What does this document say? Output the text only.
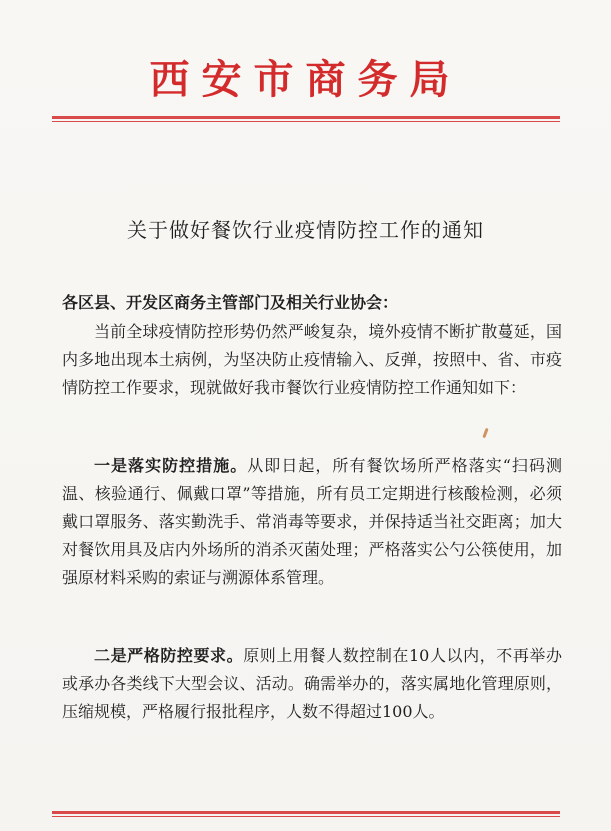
西安市商务局
关于做好餐饮行业疫情防控工作的通知
各区县、开发区商务主管部门及相关行业协会：
当前全球疫情防控形势仍然严峻复杂，境外疫情不断扩散蔓延，国内多地出现本土病例，为坚决防止疫情输入、反弹，按照中、省、市疫情防控工作要求，现就做好我市餐饮行业疫情防控工作通知如下：
一是落实防控措施。从即日起，所有餐饮场所严格落实“扫码测温、核验通行、佩戴口罩”等措施，所有员工定期进行核酸检测，必须戴口罩服务、落实勤洗手、常消毒等要求，并保持适当社交距离；加大对餐饮用具及店内外场所的消杀灭菌处理；严格落实公勺公筷使用，加强原材料采购的索证与溯源体系管理。
二是严格防控要求。原则上用餐人数控制在10人以内，不再举办或承办各类线下大型会议、活动。确需举办的，落实属地化管理原则，压缩规模，严格履行报批程序，人数不得超过100人。
